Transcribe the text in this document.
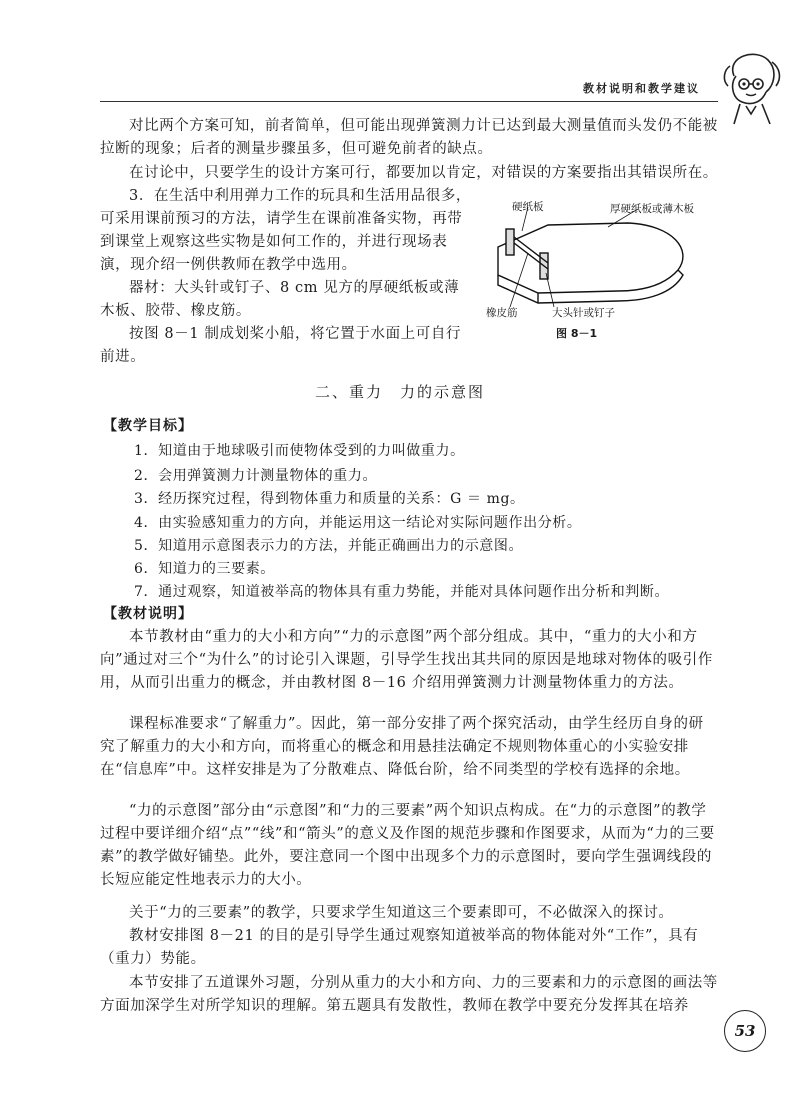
教材说明和教学建议
对比两个方案可知，前者简单，但可能出现弹簧测力计已达到最大测量值而头发仍不能被拉断的现象；后者的测量步骤虽多，但可避免前者的缺点。
在讨论中，只要学生的设计方案可行，都要加以肯定，对错误的方案要指出其错误所在。
3．在生活中利用弹力工作的玩具和生活用品很多，可采用课前预习的方法，请学生在课前准备实物，再带到课堂上观察这些实物是如何工作的，并进行现场表演，现介绍一例供教师在教学中选用。
器材：大头针或钉子、8 cm 见方的厚硬纸板或薄木板、胶带、橡皮筋。
按图 8－1 制成划桨小船，将它置于水面上可自行前进。
硬纸板	厚硬纸板或薄木板
橡皮筋	大头针或钉子
图 8－1
二、重力　力的示意图
【教学目标】
1．知道由于地球吸引而使物体受到的力叫做重力。
2．会用弹簧测力计测量物体的重力。
3．经历探究过程，得到物体重力和质量的关系：G ＝ mg。
4．由实验感知重力的方向，并能运用这一结论对实际问题作出分析。
5．知道用示意图表示力的方法，并能正确画出力的示意图。
6．知道力的三要素。
7．通过观察，知道被举高的物体具有重力势能，并能对具体问题作出分析和判断。
【教材说明】
本节教材由“重力的大小和方向”“力的示意图”两个部分组成。其中，“重力的大小和方向”通过对三个“为什么”的讨论引入课题，引导学生找出其共同的原因是地球对物体的吸引作用，从而引出重力的概念，并由教材图 8－16 介绍用弹簧测力计测量物体重力的方法。
课程标准要求“了解重力”。因此，第一部分安排了两个探究活动，由学生经历自身的研究了解重力的大小和方向，而将重心的概念和用悬挂法确定不规则物体重心的小实验安排在“信息库”中。这样安排是为了分散难点、降低台阶，给不同类型的学校有选择的余地。
“力的示意图”部分由“示意图”和“力的三要素”两个知识点构成。在“力的示意图”的教学过程中要详细介绍“点”“线”和“箭头”的意义及作图的规范步骤和作图要求，从而为“力的三要素”的教学做好铺垫。此外，要注意同一个图中出现多个力的示意图时，要向学生强调线段的长短应能定性地表示力的大小。
关于“力的三要素”的教学，只要求学生知道这三个要素即可，不必做深入的探讨。
教材安排图 8－21 的目的是引导学生通过观察知道被举高的物体能对外“工作”，具有（重力）势能。
本节安排了五道课外习题，分别从重力的大小和方向、力的三要素和力的示意图的画法等方面加深学生对所学知识的理解。第五题具有发散性，教师在教学中要充分发挥其在培养
53
